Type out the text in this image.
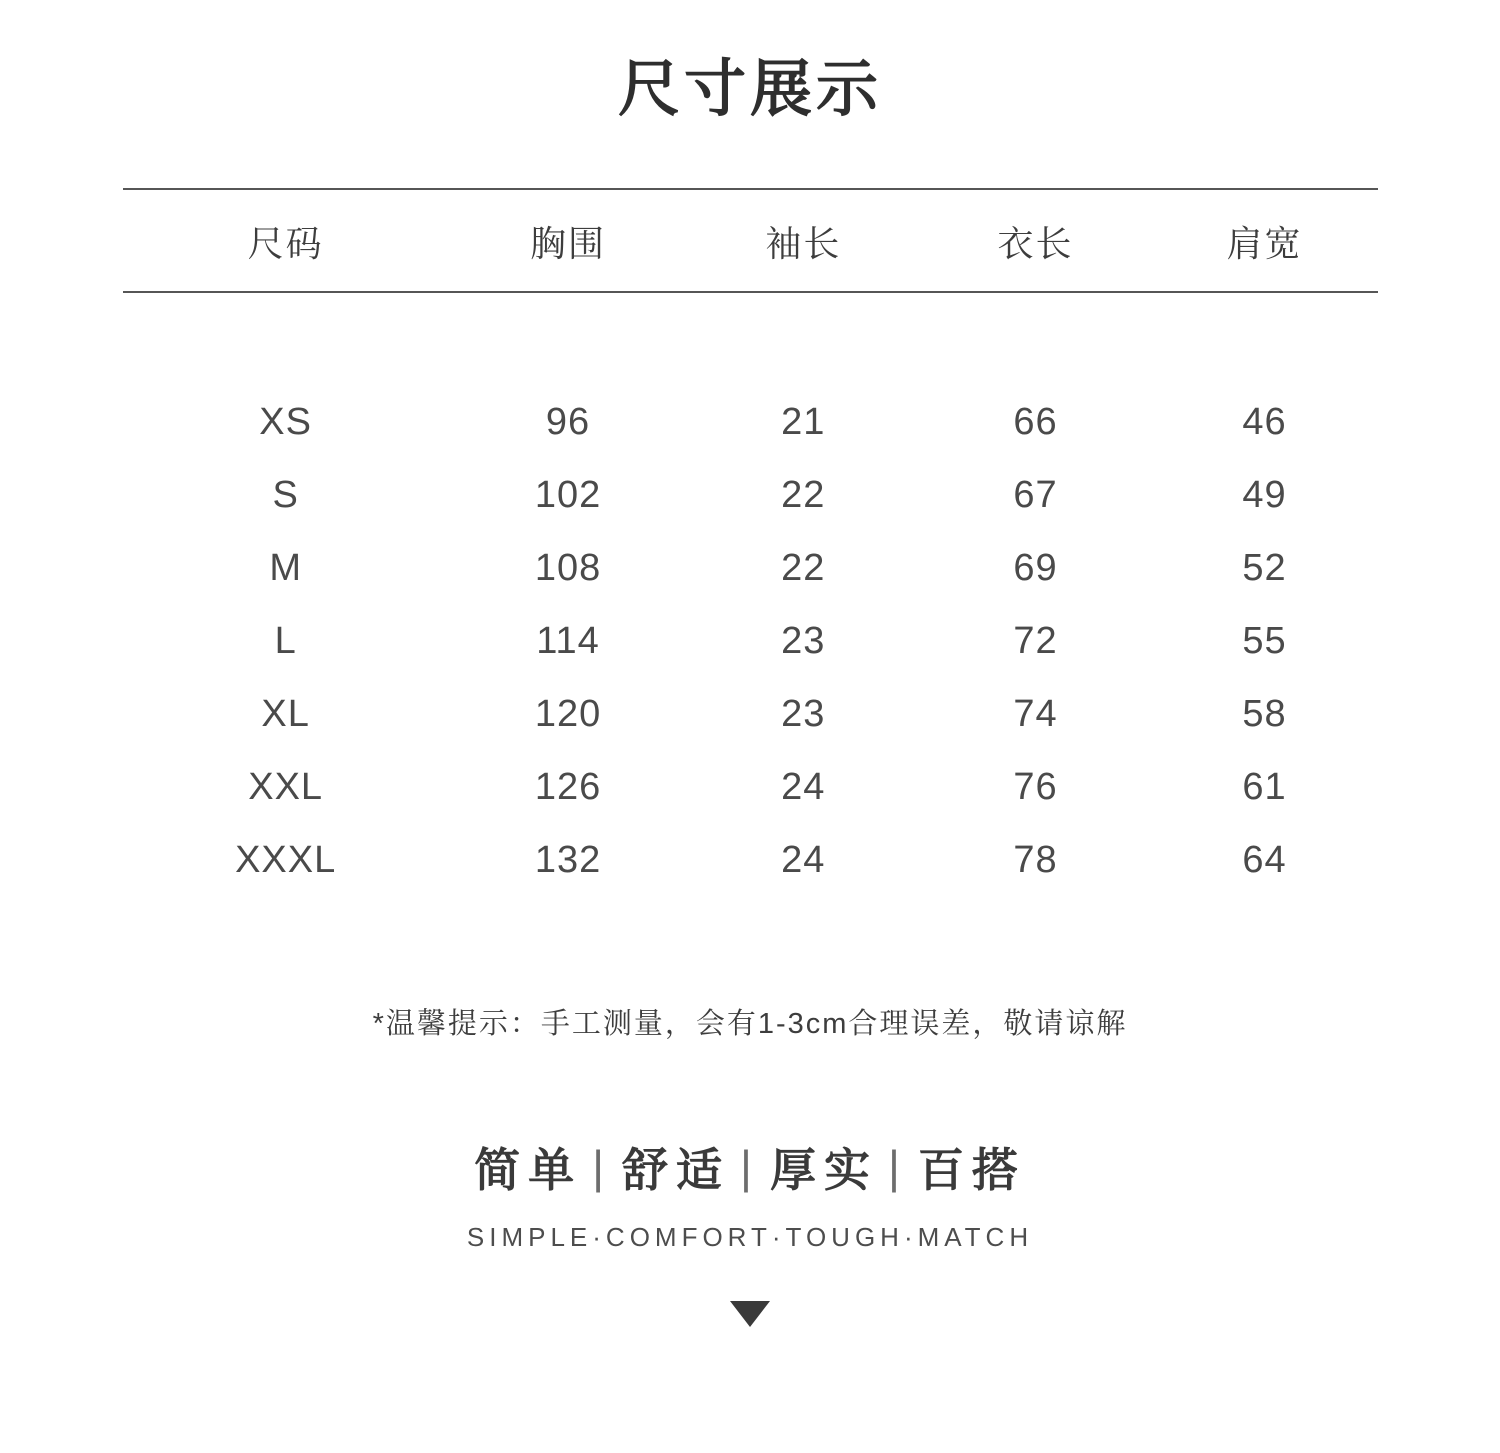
尺寸展示
尺码	胸围	袖长	衣长	肩宽
XS	96	21	66	46
S	102	22	67	49
M	108	22	69	52
L	114	23	72	55
XL	120	23	74	58
XXL	126	24	76	61
XXXL	132	24	78	64
*温馨提示：手工测量，会有1-3cm合理误差，敬请谅解
简单 | 舒适 | 厚实 | 百搭
SIMPLE·COMFORT·TOUGH·MATCH
